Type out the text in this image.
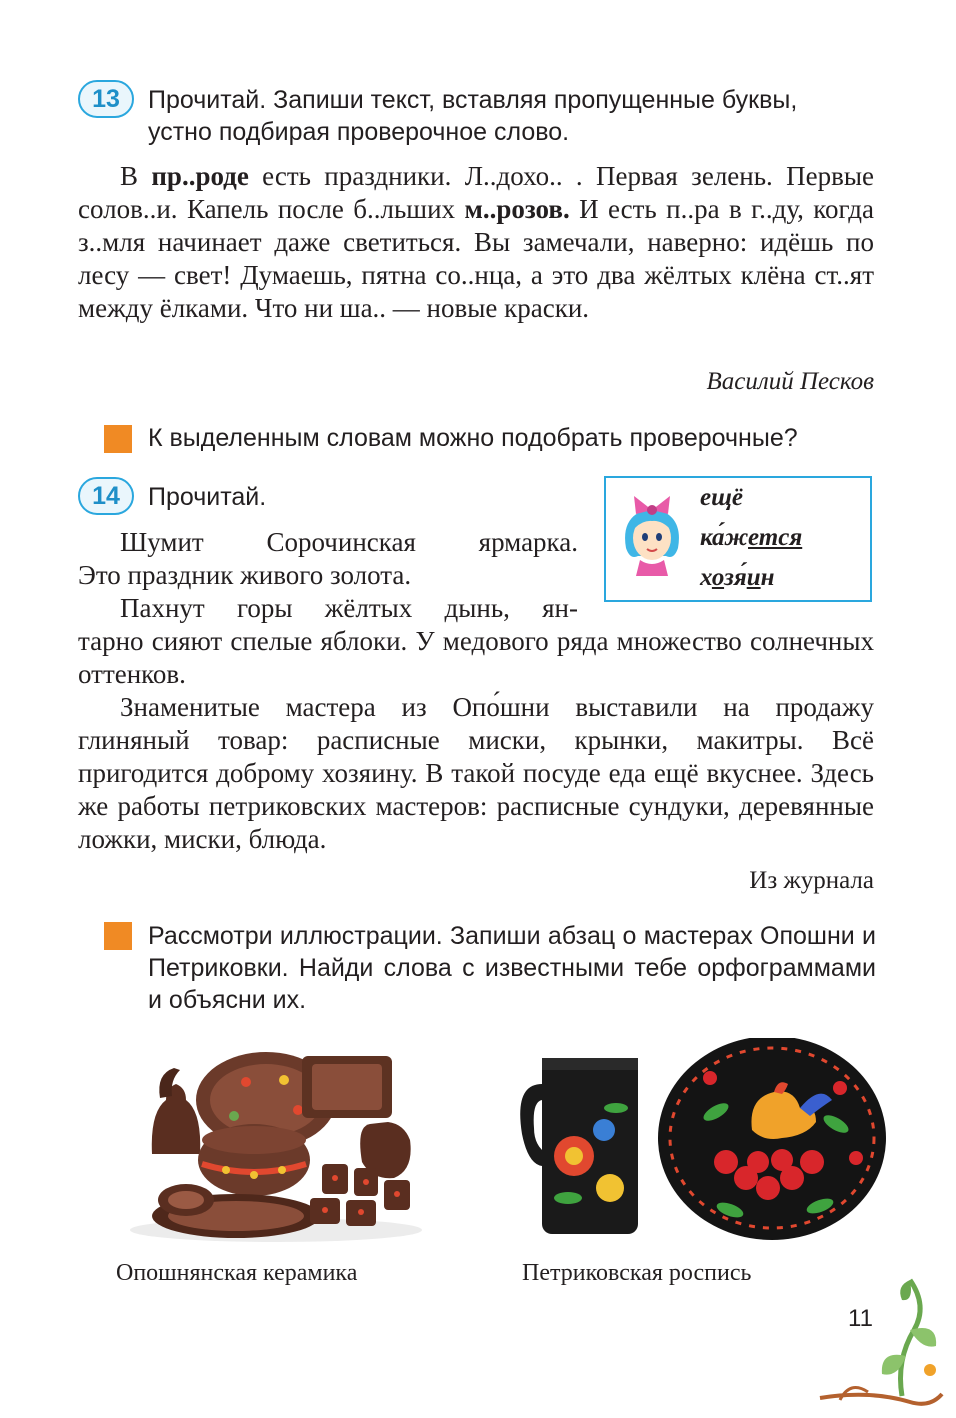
13	Прочитай. Запиши текст, вставляя пропущенные буквы,
устно подбирая проверочное слово.

В пр..роде есть праздники. Л..дохо.. . Первая зелень. Первые солов..и. Капель после б..льших м..розов. И есть п..ра в г..ду, когда з..мля начинает даже светиться. Вы замечали, наверно: идёшь по лесу — свет! Думаешь, пятна со..нца, а это два жёлтых клёна ст..ят между ёлками. Что ни ша.. — новые краски.

Василий Песков
К выделенным словам можно подобрать проверочные?
14	Прочитай.	ещё
ка́жется
хозя́ин

Шумит Сорочинская ярмарка.

Это праздник живого золота.

Пахнут горы жёлтых дынь, ян-

тарно сияют спелые яблоки. У медового ряда множество солнечных оттенков.

Знаменитые мастера из Опо́шни выставили на продажу глиняный товар: расписные миски, крынки, макитры. Всё пригодится доброму хозяину. В такой посуде еда ещё вкуснее. Здесь же работы петриковских мастеров: расписные сундуки, деревянные ложки, миски, блюда.

Из журнала
Рассмотри иллюстрации. Запиши абзац о мастерах Опошни и Петриковки. Найди слова с известными тебе орфограммами и объясни их.
Опошнянская керамика	Петриковская роспись
11
